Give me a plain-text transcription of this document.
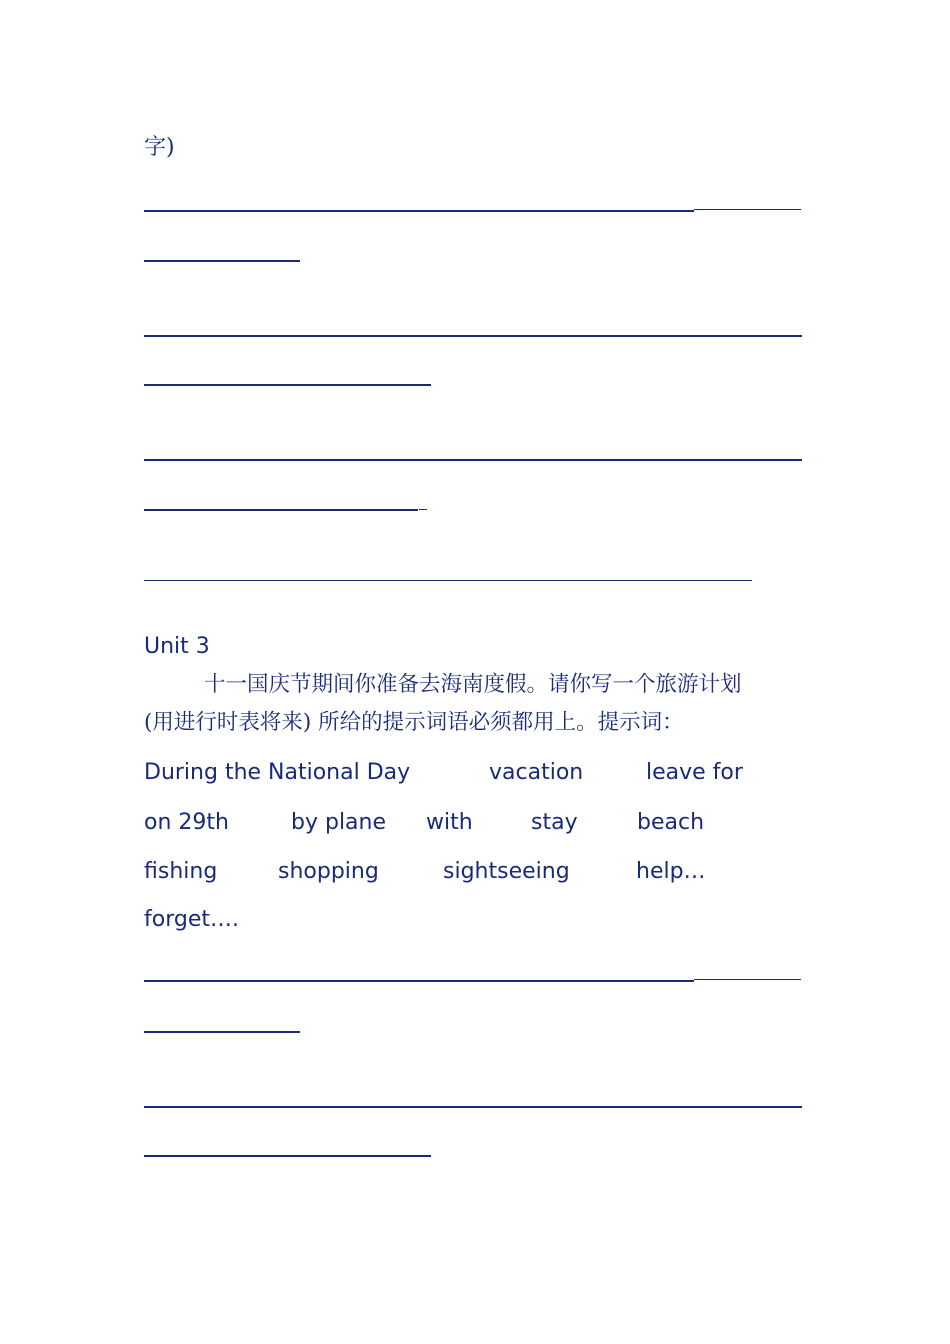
字)
Unit 3
十一国庆节期间你准备去海南度假。请你写一个旅游计划
(用进行时表将来) 所给的提示词语必须都用上。提示词：
During the National Day	vacation	leave for
on 29th	by plane with	stay	beach
fishing	shopping	sightseeing	help…
forget….
